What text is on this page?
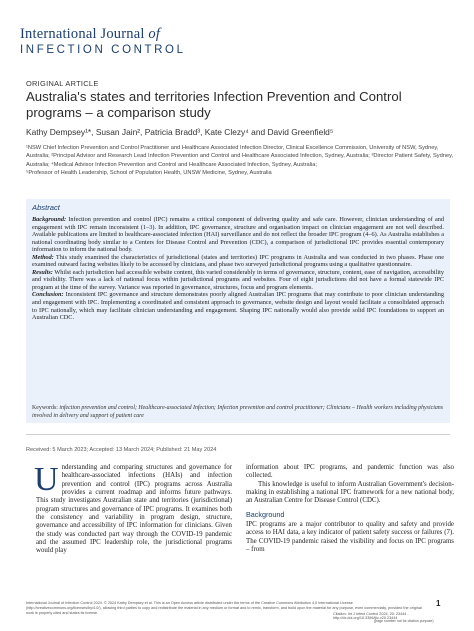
International Journal of
INFECTION CONTROL
ORIGINAL ARTICLE
Australia's states and territories Infection Prevention and Control programs – a comparison study
Kathy Dempsey¹*, Susan Jain², Patricia Bradd³, Kate Clezy⁴ and David Greenfield⁵

¹NSW Chief Infection Prevention and Control Practitioner and Healthcare Associated Infection Director, Clinical Excellence Commission, University of NSW, Sydney, Australia; ²Principal Advisor and Research Lead Infection Prevention and Control and Healthcare Associated Infection, Sydney, Australia; ³Director Patient Safety, Sydney, Australia; ⁴Medical Advisor Infection Prevention and Control and Healthcare Associated Infection, Sydney, Australia;

⁵Professor of Health Leadership, School of Population Health, UNSW Medicine, Sydney, Australia

Abstract

Background: Infection prevention and control (IPC) remains a critical component of delivering quality and safe care. However, clinician understanding of and engagement with IPC remain inconsistent (1–3). In addition, IPC governance, structure and organisation impact on clinician engagement are not well described. Available publications are limited to healthcare-associated infection (HAI) surveillance and do not reflect the broader IPC program (4–6). As Australia establishes a national coordinating body similar to a Centers for Disease Control and Prevention (CDC), a comparison of jurisdictional IPC provides essential contemporary information to inform the national body.

Method: This study examined the characteristics of jurisdictional (states and territories) IPC programs in Australia and was conducted in two phases. Phase one examined outward facing websites likely to be accessed by clinicians, and phase two surveyed jurisdictional programs using a qualitative questionnaire.

Results: Whilst each jurisdiction had accessible website content, this varied considerably in terms of governance, structure, content, ease of navigation, accessibility and visibility. There was a lack of national focus within jurisdictional programs and websites. Four of eight jurisdictions did not have a formal statewide IPC program at the time of the survey. Variance was reported in governance, structures, focus and program elements.

Conclusion: Inconsistent IPC governance and structure demonstrates poorly aligned Australian IPC programs that may contribute to poor clinician understanding and engagement with IPC. Implementing a coordinated and consistent approach to governance, website design and layout would facilitate a consolidated approach to IPC nationally, which may facilitate clinician understanding and engagement. Shaping IPC nationally would also provide solid IPC foundations to support an Australian CDC.

Keywords: infection prevention and control; Healthcare-associated Infection; Infection prevention and control practitioner; Clinicians – Health workers including physicians involved in delivery and support of patient care
Received: 5 March 2023; Accepted: 13 March 2024; Published: 21 May 2024
Understanding and comparing structures and governance for healthcare-associated infections (HAIs) and infection prevention and control (IPC) programs across Australia provides a current roadmap and informs future pathways. This study investigates Australian state and territories (jurisdictional) program structures and governance of IPC programs. It examines both the consistency and variability in program design, structure, governance and accessibility of IPC information for clinicians. Given the study was conducted part way through the COVID-19 pandemic and the assumed IPC leadership role, the jurisdictional programs would play

information about IPC programs, and pandemic function was also collected.

This knowledge is useful to inform Australian Government's decision-making in establishing a national IPC framework for a new national body, an Australian Centre for Disease Control (CDC).

Background

IPC programs are a major contributor to quality and safety and provide access to HAI data, a key indicator of patient safety success or failures (7). The COVID-19 pandemic raised the visibility and focus on IPC programs – from

International Journal of Infection Control 2024. © 2024 Kathy Dempsey et al. This is an Open Access article distributed under the terms of the Creative Commons Attribution 4.0 International License (http://creativecommons.org/licenses/by/4.0/), allowing third parties to copy and redistribute the material in any medium or format and to remix, transform, and build upon the material for any purpose, even commercially, provided the original work is properly cited and states its license.

1
Citation: Int J Infect Control 2024, 20: 23444 - http://dx.doi.org/10.3396/ijic.v20.23444
(page number not for citation purpose)
